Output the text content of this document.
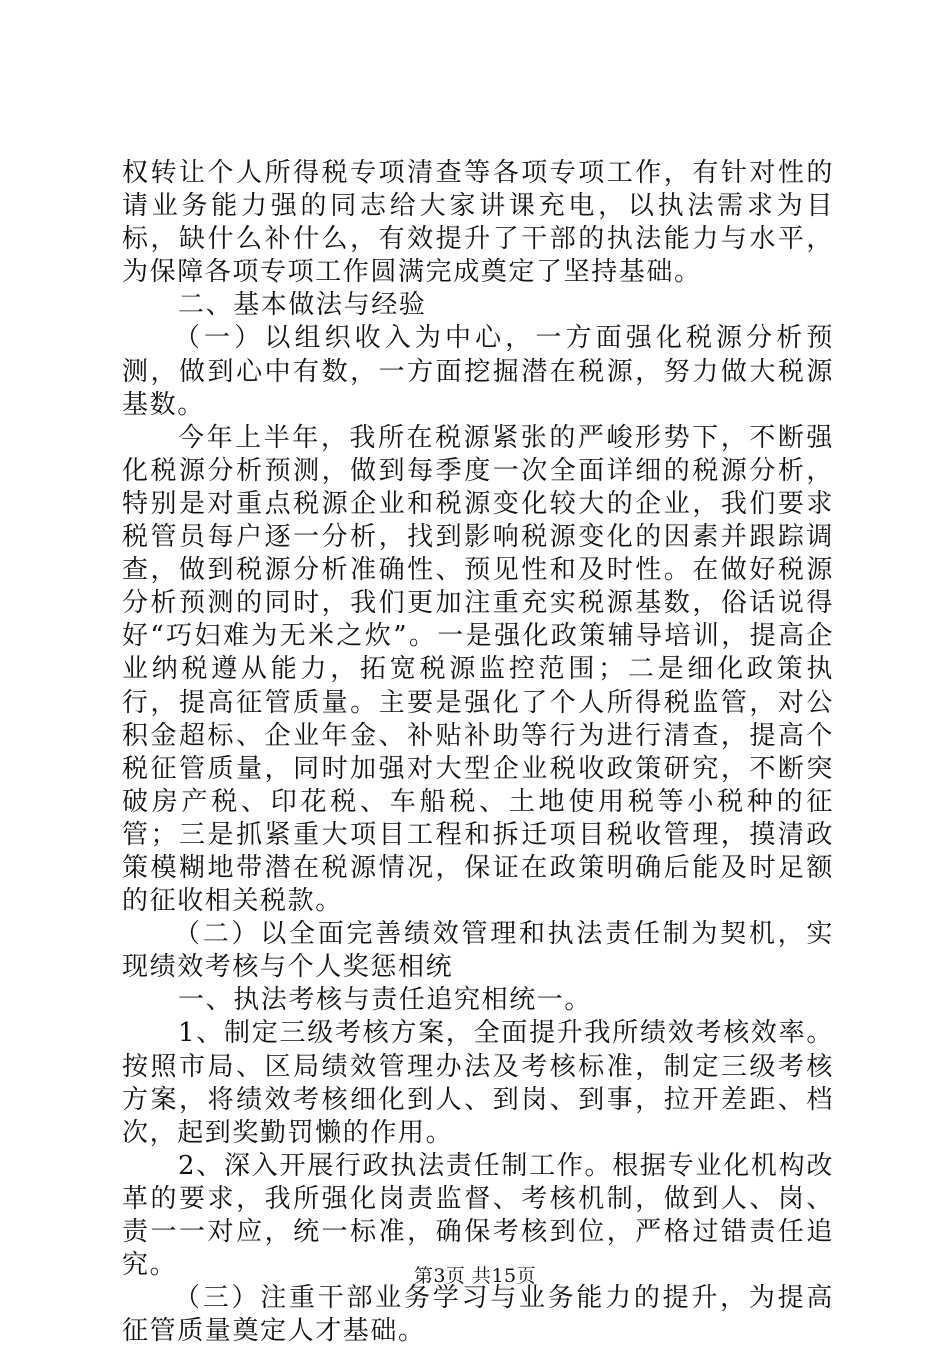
权转让个人所得税专项清查等各项专项工作，有针对性的请业务能力强的同志给大家讲课充电，以执法需求为目标，缺什么补什么，有效提升了干部的执法能力与水平，为保障各项专项工作圆满完成奠定了坚持基础。

二、基本做法与经验

（一）以组织收入为中心，一方面强化税源分析预测，做到心中有数，一方面挖掘潜在税源，努力做大税源基数。

今年上半年，我所在税源紧张的严峻形势下，不断强化税源分析预测，做到每季度一次全面详细的税源分析，特别是对重点税源企业和税源变化较大的企业，我们要求税管员每户逐一分析，找到影响税源变化的因素并跟踪调查，做到税源分析准确性、预见性和及时性。在做好税源分析预测的同时，我们更加注重充实税源基数，俗话说得好“巧妇难为无米之炊”。一是强化政策辅导培训，提高企业纳税遵从能力，拓宽税源监控范围；二是细化政策执行，提高征管质量。主要是强化了个人所得税监管，对公积金超标、企业年金、补贴补助等行为进行清查，提高个税征管质量，同时加强对大型企业税收政策研究，不断突破房产税、印花税、车船税、土地使用税等小税种的征管；三是抓紧重大项目工程和拆迁项目税收管理，摸清政策模糊地带潜在税源情况，保证在政策明确后能及时足额的征收相关税款。

（二）以全面完善绩效管理和执法责任制为契机，实现绩效考核与个人奖惩相统

一、执法考核与责任追究相统一。

1、制定三级考核方案，全面提升我所绩效考核效率。按照市局、区局绩效管理办法及考核标准，制定三级考核方案，将绩效考核细化到人、到岗、到事，拉开差距、档次，起到奖勤罚懒的作用。

2、深入开展行政执法责任制工作。根据专业化机构改革的要求，我所强化岗责监督、考核机制，做到人、岗、责一一对应，统一标准，确保考核到位，严格过错责任追究。

（三）注重干部业务学习与业务能力的提升，为提高征管质量奠定人才基础。

第3页 共15页
